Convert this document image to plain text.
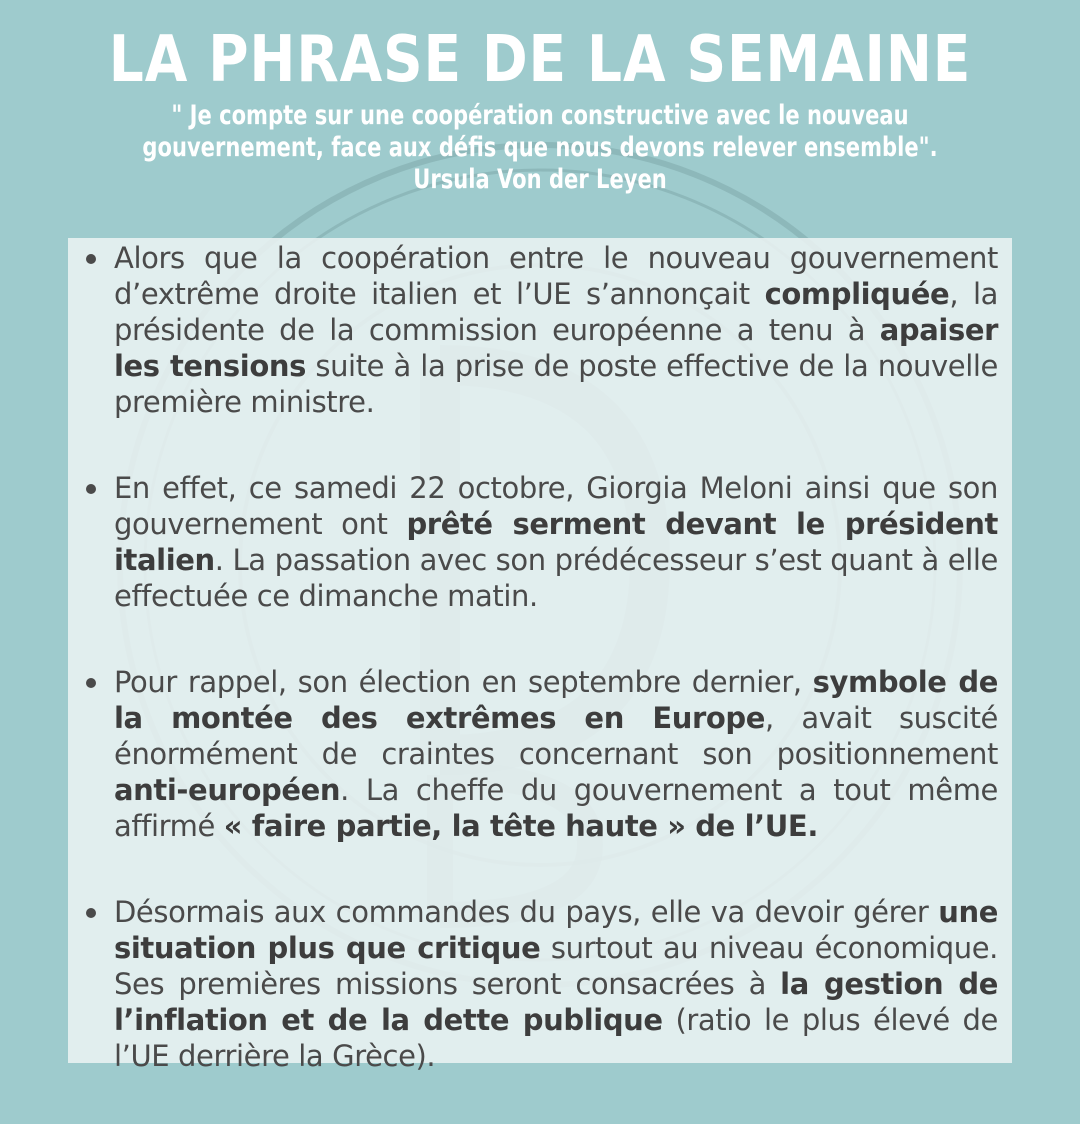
LA PHRASE DE LA SEMAINE
" Je compte sur une coopération constructive avec le nouveau
gouvernement, face aux défis que nous devons relever ensemble".
Ursula Von der Leyen
Alors que la coopération entre le nouveau gouvernement d’extrême droite italien et l’UE s’annonçait compliquée, la présidente de la commission européenne a tenu à apaiser les tensions suite à la prise de poste effective de la nouvelle première ministre.
En effet, ce samedi 22 octobre, Giorgia Meloni ainsi que son gouvernement ont prêté serment devant le président italien. La passation avec son prédécesseur s’est quant à elle effectuée ce dimanche matin.
Pour rappel, son élection en septembre dernier, symbole de la montée des extrêmes en Europe, avait suscité énormément de craintes concernant son positionnement anti-européen. La cheffe du gouvernement a tout même affirmé « faire partie, la tête haute » de l’UE.
Désormais aux commandes du pays, elle va devoir gérer une situation plus que critique surtout au niveau économique. Ses premières missions seront consacrées à la gestion de l’inflation et de la dette publique (ratio le plus élevé de l’UE derrière la Grèce).
